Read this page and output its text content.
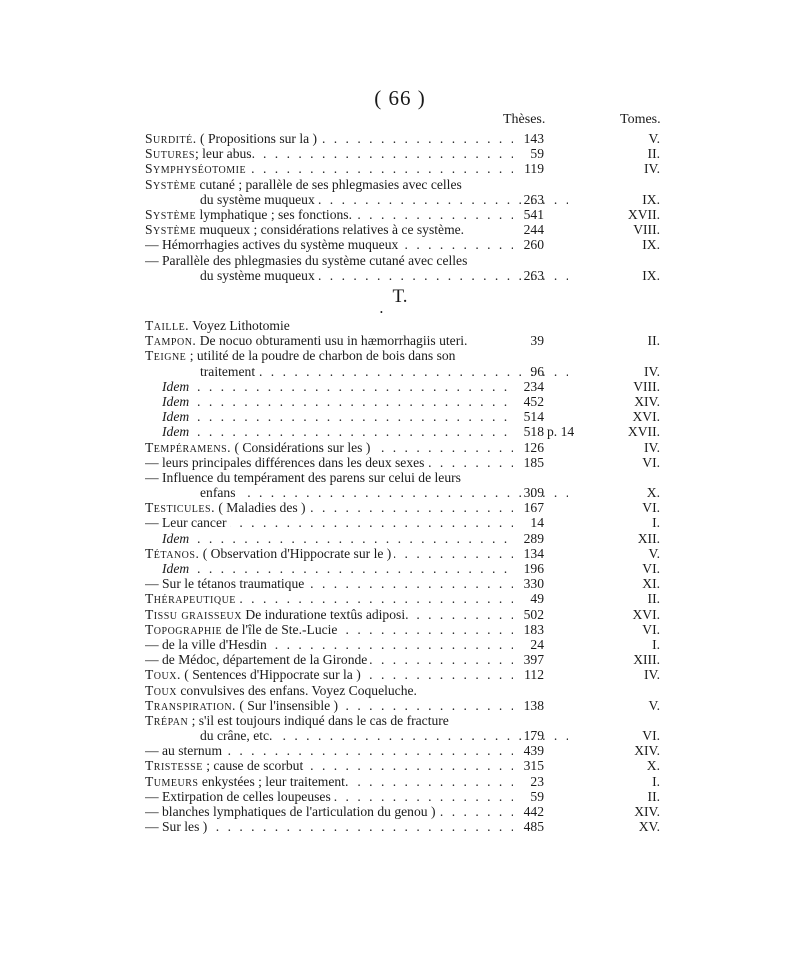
( 66 )
Thèses.	Tomes.
Surdité. ( Propositions sur la ) . . .	143	V.
Sutures; leur abus. . . .	59	II.
Symphyséotomie . . .	119	IV.
Système cutané ; parallèle de ses phlegmasies avec celles
du système muqueux . . .	263	IX.
Système lymphatique ; ses fonctions. . . .	541	XVII.
Système muqueux ; considérations relatives à ce système.	244	VIII.
— Hémorrhagies actives du système muqueux . . .	260	IX.
— Parallèle des phlegmasies du système cutané avec celles
du système muqueux . . .	263	IX.
T.
•
Taille. Voyez Lithotomie
Tampon. De nocuo obturamenti usu in hæmorrhagiis uteri.	39	II.
Teigne ; utilité de la poudre de charbon de bois dans son
traitement . . .	96	IV.
Idem . . .	234	VIII.
Idem . . .	452	XIV.
Idem . . .	514	XVI.
Idem . . .	518 p. 14	XVII.
Tempéramens. ( Considérations sur les ) . . .	126	IV.
— leurs principales différences dans les deux sexes . . .	185	VI.
— Influence du tempérament des parens sur celui de leurs
enfans . . .	309	X.
Testicules. ( Maladies des ) . . .	167	VI.
— Leur cancer . . .	14	I.
Idem . . .	289	XII.
Tétanos. ( Observation d'Hippocrate sur le ) . . .	134	V.
Idem . . .	196	VI.
— Sur le tétanos traumatique . . .	330	XI.
Thérapeutique . . .	49	II.
Tissu graisseux De induratione textûs adiposi. . . .	502	XVI.
Topographie de l'île de Ste.-Lucie . . .	183	VI.
— de la ville d'Hesdin . . .	24	I.
— de Médoc, département de la Gironde . . .	397	XIII.
Toux. ( Sentences d'Hippocrate sur la ) . . .	112	IV.
Toux convulsives des enfans. Voyez Coqueluche.
Transpiration. ( Sur l'insensible ) . . .	138	V.
Trépan ; s'il est toujours indiqué dans le cas de fracture
du crâne, etc. . . .	179	VI.
— au sternum . . .	439	XIV.
Tristesse ; cause de scorbut . . .	315	X.
Tumeurs enkystées ; leur traitement. . . .	23	I.
— Extirpation de celles loupeuses . . .	59	II.
— blanches lymphatiques de l'articulation du genou ) . . .	442	XIV.
— Sur les ) . . .	485	XV.
